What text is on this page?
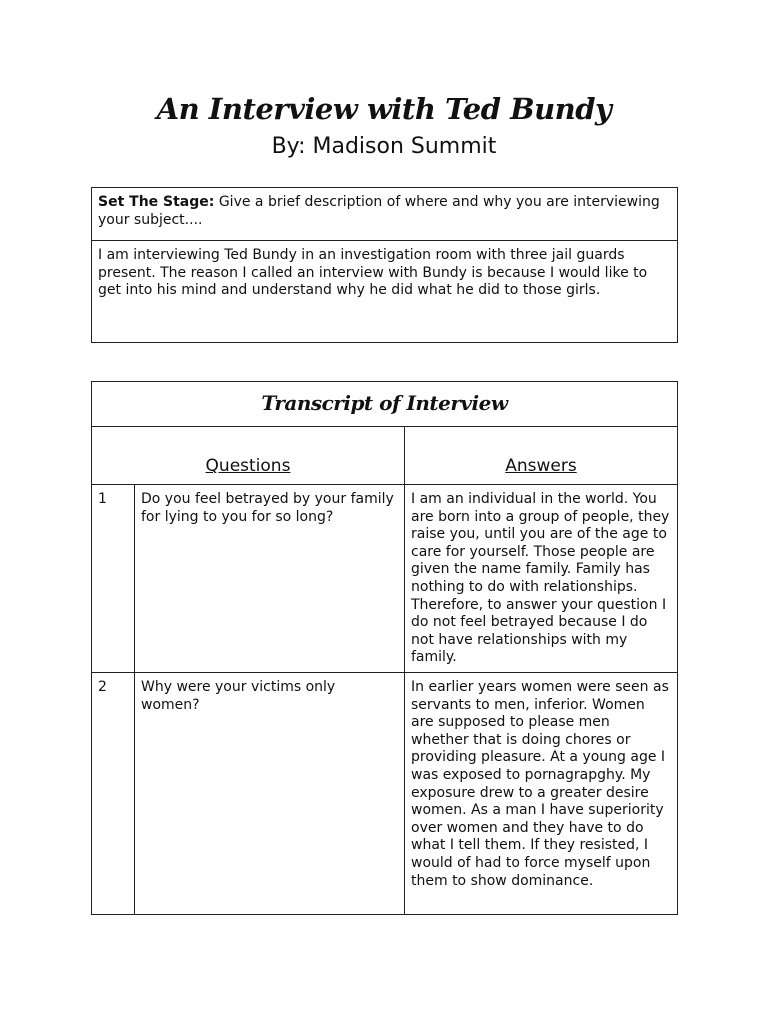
An Interview with Ted Bundy
By: Madison Summit
Set The Stage: Give a brief description of where and why you are interviewing your subject....
I am interviewing Ted Bundy in an investigation room with three jail guards present. The reason I called an interview with Bundy is because I would like to get into his mind and understand why he did what he did to those girls.
Transcript of Interview		
Questions		Answers
1	Do you feel betrayed by your family for lying to you for so long?	I am an individual in the world. You are born into a group of people, they raise you, until you are of the age to care for yourself. Those people are given the name family. Family has nothing to do with relationships. Therefore, to answer your question I do not feel betrayed because I do not have relationships with my family.
2	Why were your victims only women?	In earlier years women were seen as servants to men, inferior. Women are supposed to please men whether that is doing chores or providing pleasure. At a young age I was exposed to pornagrapghy. My exposure drew to a greater desire women. As a man I have superiority over women and they have to do what I tell them. If they resisted, I would of had to force myself upon them to show dominance.
